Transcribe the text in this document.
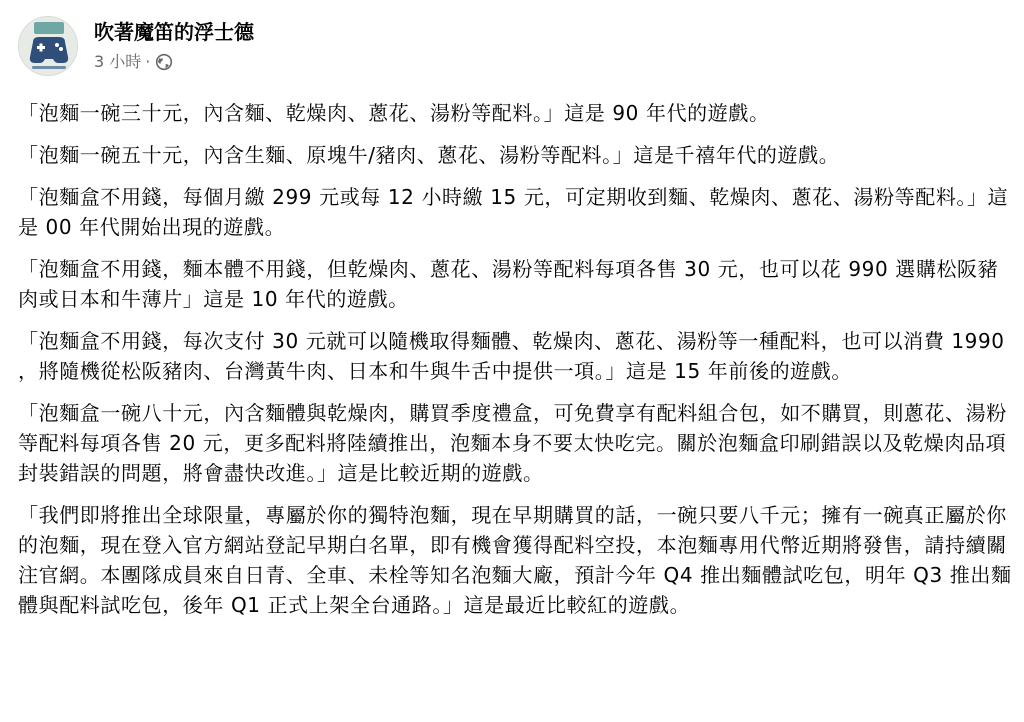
吹著魔笛的浮士德
3 小時 ·

「泡麵一碗三十元，內含麵、乾燥肉、蔥花、湯粉等配料。」這是 90 年代的遊戲。

「泡麵一碗五十元，內含生麵、原塊牛/豬肉、蔥花、湯粉等配料。」這是千禧年代的遊戲。

「泡麵盒不用錢，每個月繳 299 元或每 12 小時繳 15 元，可定期收到麵、乾燥肉、蔥花、湯粉等配料。」這是 00 年代開始出現的遊戲。

「泡麵盒不用錢，麵本體不用錢，但乾燥肉、蔥花、湯粉等配料每項各售 30 元，也可以花 990 選購松阪豬肉或日本和牛薄片」這是 10 年代的遊戲。

「泡麵盒不用錢，每次支付 30 元就可以隨機取得麵體、乾燥肉、蔥花、湯粉等一種配料，也可以消費 1990 ，將隨機從松阪豬肉、台灣黃牛肉、日本和牛與牛舌中提供一項。」這是 15 年前後的遊戲。

「泡麵盒一碗八十元，內含麵體與乾燥肉，購買季度禮盒，可免費享有配料組合包，如不購買，則蔥花、湯粉等配料每項各售 20 元，更多配料將陸續推出，泡麵本身不要太快吃完。關於泡麵盒印刷錯誤以及乾燥肉品項封裝錯誤的問題，將會盡快改進。」這是比較近期的遊戲。

「我們即將推出全球限量，專屬於你的獨特泡麵，現在早期購買的話，一碗只要八千元；擁有一碗真正屬於你的泡麵，現在登入官方網站登記早期白名單，即有機會獲得配料空投，本泡麵專用代幣近期將發售，請持續關注官網。本團隊成員來自日青、全車、未栓等知名泡麵大廠，預計今年 Q4 推出麵體試吃包，明年 Q3 推出麵體與配料試吃包，後年 Q1 正式上架全台通路。」這是最近比較紅的遊戲。
